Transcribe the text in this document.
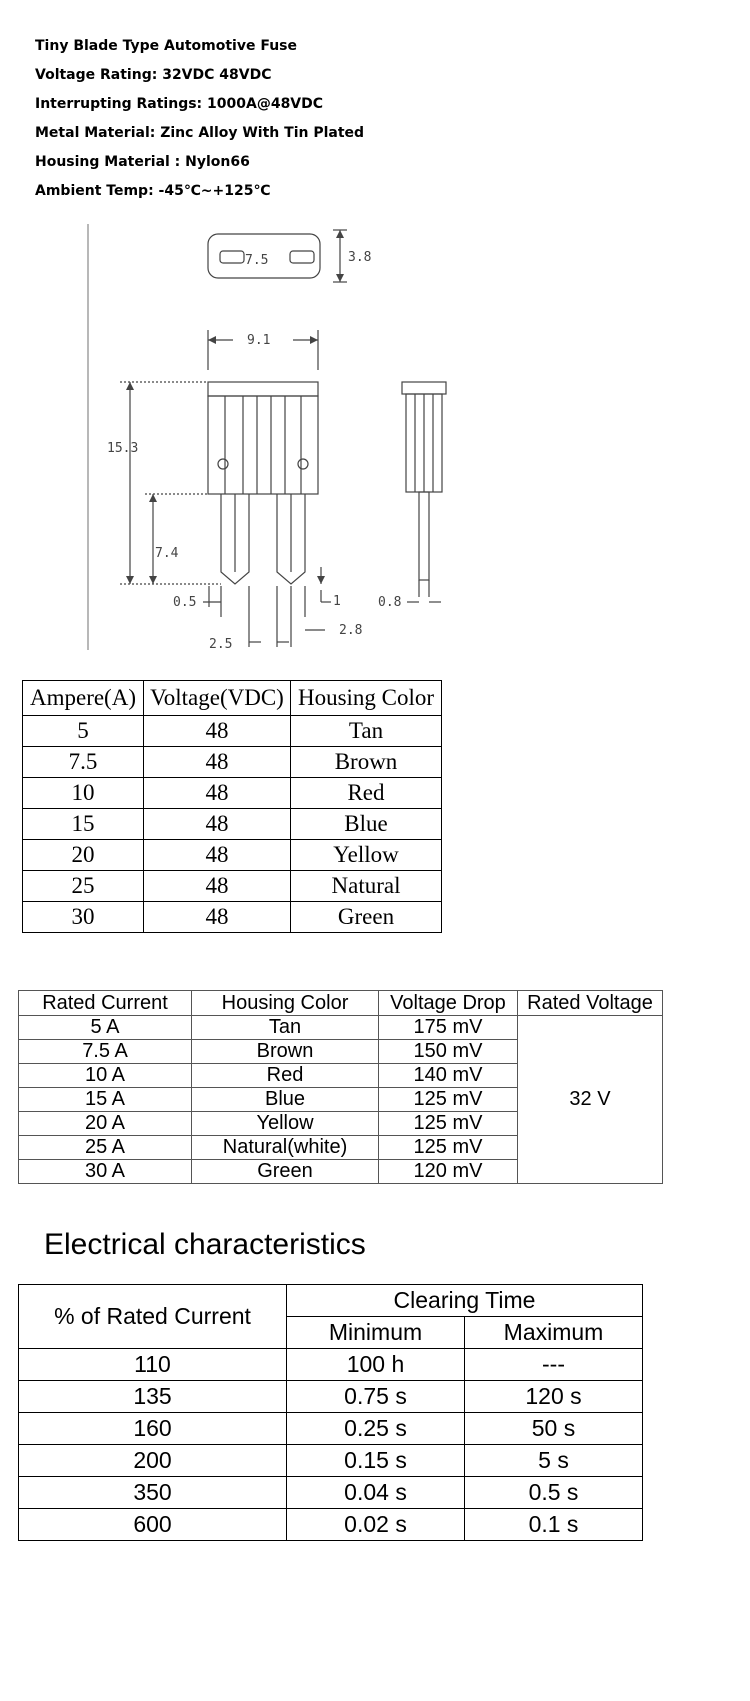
Tiny Blade Type Automotive Fuse
Voltage Rating: 32VDC 48VDC
Interrupting Ratings: 1000A@48VDC
Metal Material: Zinc Alloy With Tin Plated
Housing Material : Nylon66
Ambient Temp: -45℃~+125℃
7.5	3.8
9.1
15.3
7.4
0.5	1
2.8
0.8
2.5
Ampere(A)	Voltage(VDC)	Housing Color
5	48	Tan
7.5	48	Brown
10	48	Red
15	48	Blue
20	48	Yellow
25	48	Natural
30	48	Green
Rated Current	Housing Color	Voltage Drop	Rated Voltage
5 A	Tan	175 mV	32 V
7.5 A	Brown	150 mV	
10 A	Red	140 mV	
15 A	Blue	125 mV	
20 A	Yellow	125 mV	
25 A	Natural(white)	125 mV	
30 A	Green	120 mV	
Electrical characteristics
% of Rated Current	Clearing Time	
	Minimum	Maximum
110	100 h	---
135	0.75 s	120 s
160	0.25 s	50 s
200	0.15 s	5 s
350	0.04 s	0.5 s
600	0.02 s	0.1 s
